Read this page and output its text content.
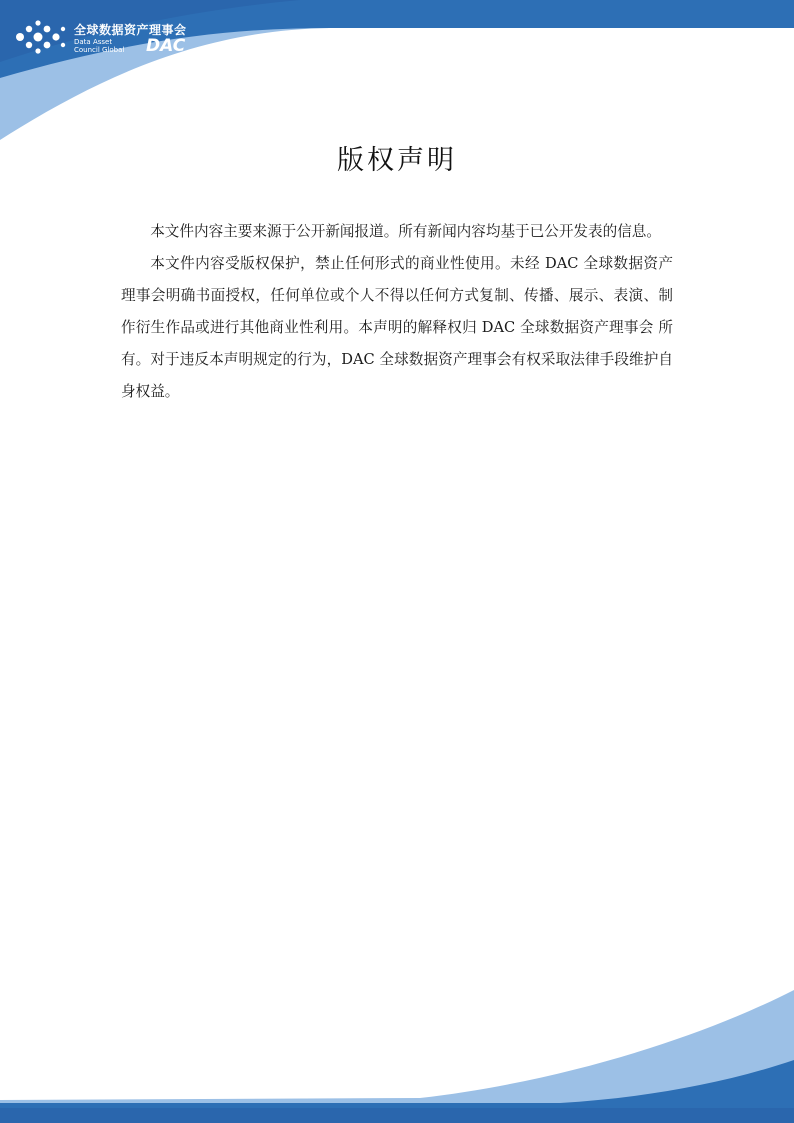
全球数据资产理事会
Data Asset
Council Global DAC
版权声明

本文件内容主要来源于公开新闻报道。所有新闻内容均基于已公开发表的信息。

本文件内容受版权保护，禁止任何形式的商业性使用。未经 DAC 全球数据资产理事会明确书面授权，任何单位或个人不得以任何方式复制、传播、展示、表演、制作衍生作品或进行其他商业性利用。本声明的解释权归 DAC 全球数据资产理事会 所有。对于违反本声明规定的行为，DAC 全球数据资产理事会有权采取法律手段维护自身权益。
